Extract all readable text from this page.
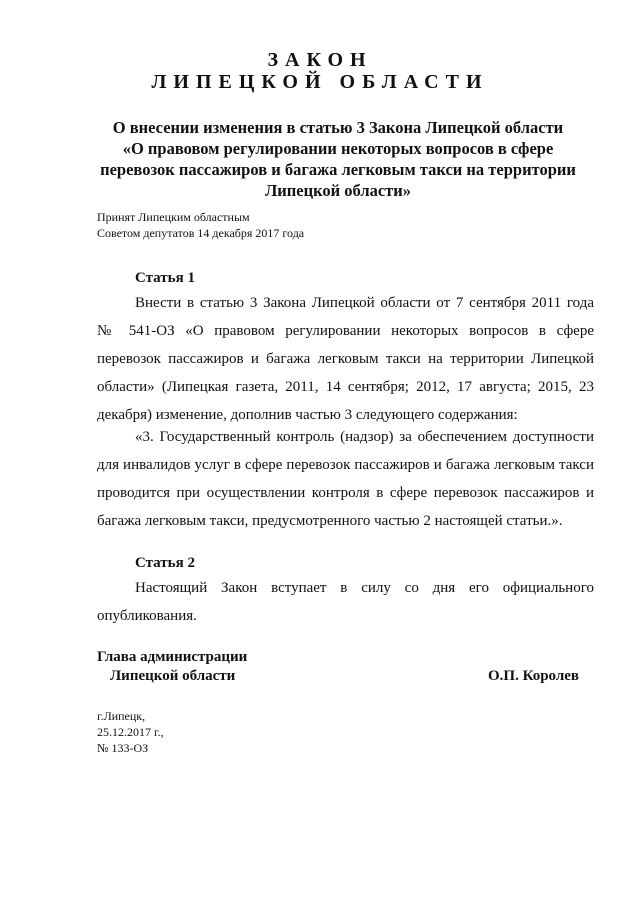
ЗАКОН
ЛИПЕЦКОЙ ОБЛАСТИ
О внесении изменения в статью 3 Закона Липецкой области
«О правовом регулировании некоторых вопросов в сфере
перевозок пассажиров и багажа легковым такси на территории
Липецкой области»
Принят Липецким областным
Советом депутатов 14 декабря 2017 года
Статья 1
Внести в статью 3 Закона Липецкой области от 7 сентября 2011 года
№ 541-ОЗ «О правовом регулировании некоторых вопросов в сфере
перевозок пассажиров и багажа легковым такси на территории Липецкой
области» (Липецкая газета, 2011, 14 сентября; 2012, 17 августа; 2015, 23
декабря) изменение, дополнив частью 3 следующего содержания:
«3. Государственный контроль (надзор) за обеспечением доступности
для инвалидов услуг в сфере перевозок пассажиров и багажа легковым такси
проводится при осуществлении контроля в сфере перевозок пассажиров и
багажа легковым такси, предусмотренного частью 2 настоящей статьи.».
Статья 2
Настоящий Закон вступает в силу со дня его официального
опубликования.
Глава администрации
Липецкой области	О.П. Королев
г.Липецк,
25.12.2017 г.,
№ 133-ОЗ
